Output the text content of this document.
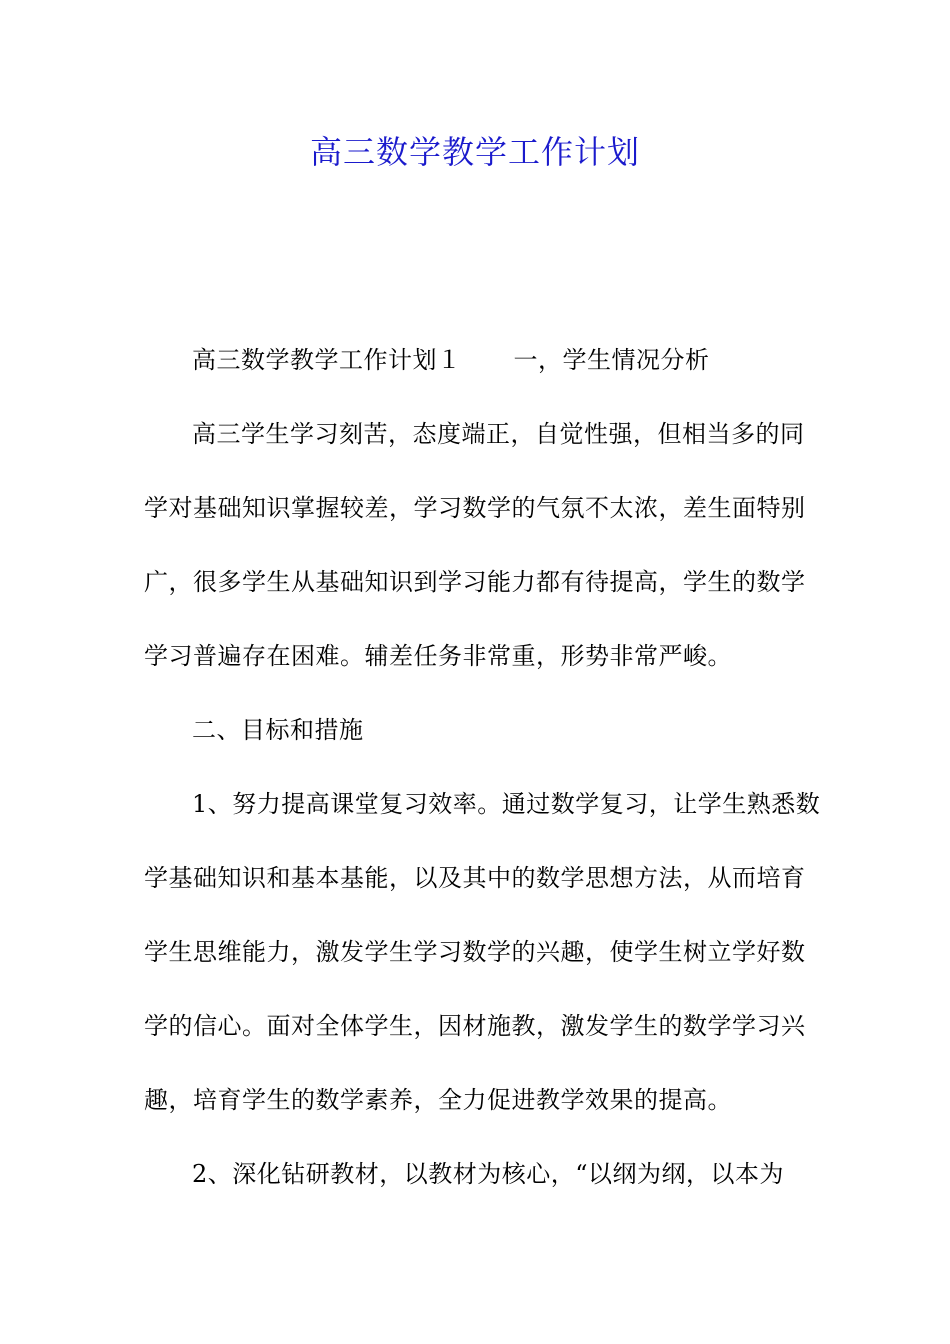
高三数学教学工作计划
高三数学教学工作计划１ 一，学生情况分析
高三学生学习刻苦，态度端正，自觉性强，但相当多的同
学对基础知识掌握较差，学习数学的气氛不太浓，差生面特别
广，很多学生从基础知识到学习能力都有待提高，学生的数学
学习普遍存在困难。辅差任务非常重，形势非常严峻。
二、目标和措施
1、努力提高课堂复习效率。通过数学复习，让学生熟悉数
学基础知识和基本基能，以及其中的数学思想方法，从而培育
学生思维能力，激发学生学习数学的兴趣，使学生树立学好数
学的信心。面对全体学生，因材施教，激发学生的数学学习兴
趣，培育学生的数学素养，全力促进教学效果的提高。
2、深化钻研教材，以教材为核心，“以纲为纲，以本为
